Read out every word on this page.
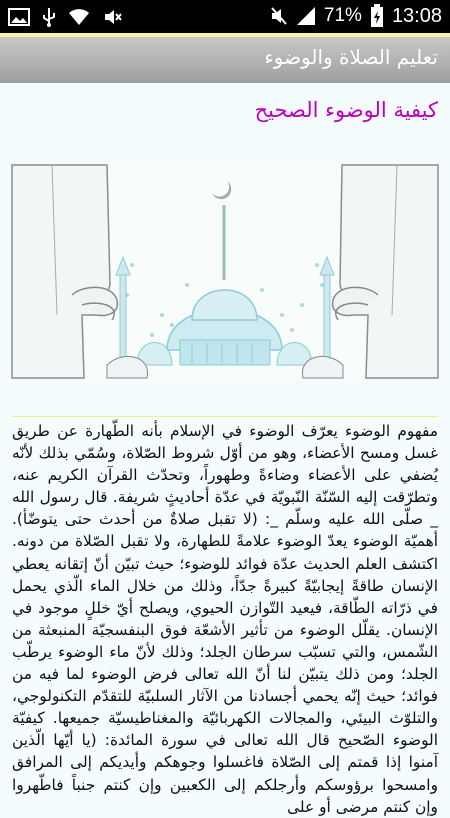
71% 13:08
تعليم الصلاة والوضوء
كيفية الوضوء الصحيح
مفهوم الوضوء يعرّف الوضوء في الإسلام بأنه الطّهارة عن طريق غسل ومسح الأعضاء، وهو من أوّل شروط الصّلاة، وسُمّي بذلك لأنّه يُضفي على الأعضاء وضاءةً وطهوراً، وتحدّث القرآن الكريم عنه، وتطرّقت إليه السّنّة النّبويّة في عدّة أحاديثٍ شريفة. قال رسول الله _ صلّى الله عليه وسلّم _: (لا تقبل صلاةٌ من أحدث حتى يتوضّأ). أهميّة الوضوء يعدّ الوضوء علامةً للطهارة، ولا تقبل الصّلاة من دونه. اكتشف العلم الحديث عدّة فوائد للوضوء؛ حيث تبيّن أنّ إتقانه يعطي الإنسان طاقةً إيجابيّةً كبيرةً جدّاً، وذلك من خلال الماء الّذي يحمل في ذرّاته الطّاقة، فيعيد التّوازن الحيوي، ويصلح أيّ خللٍ موجود في الإنسان. يقلّل الوضوء من تأثير الأشعّة فوق البنفسجيّة المنبعثة من الشّمس، والتي تسبّب سرطان الجلد؛ وذلك لأنّ ماء الوضوء يرطّب الجلد؛ ومن ذلك يتبيّن لنا أنّ الله تعالى فرض الوضوء لما فيه من فوائد؛ حيث إنّه يحمي أجسادنا من الآثار السلبيّة للتقدّم التكنولوجي، والتلوّث البيئي، والمجالات الكهربائيّة والمغناطيسيّة جميعها. كيفيّة الوضوء الصّحيح قال الله تعالى في سورة المائدة: (يا أيّها الّذين آمنوا إذا قمتم إلى الصّلاة فاغسلوا وجوهكم وأيديكم إلى المرافق وامسحوا برؤوسكم وأرجلكم إلى الكعبين وإن كنتم جنباً فاطّهروا وإن كنتم مرضى أو على
